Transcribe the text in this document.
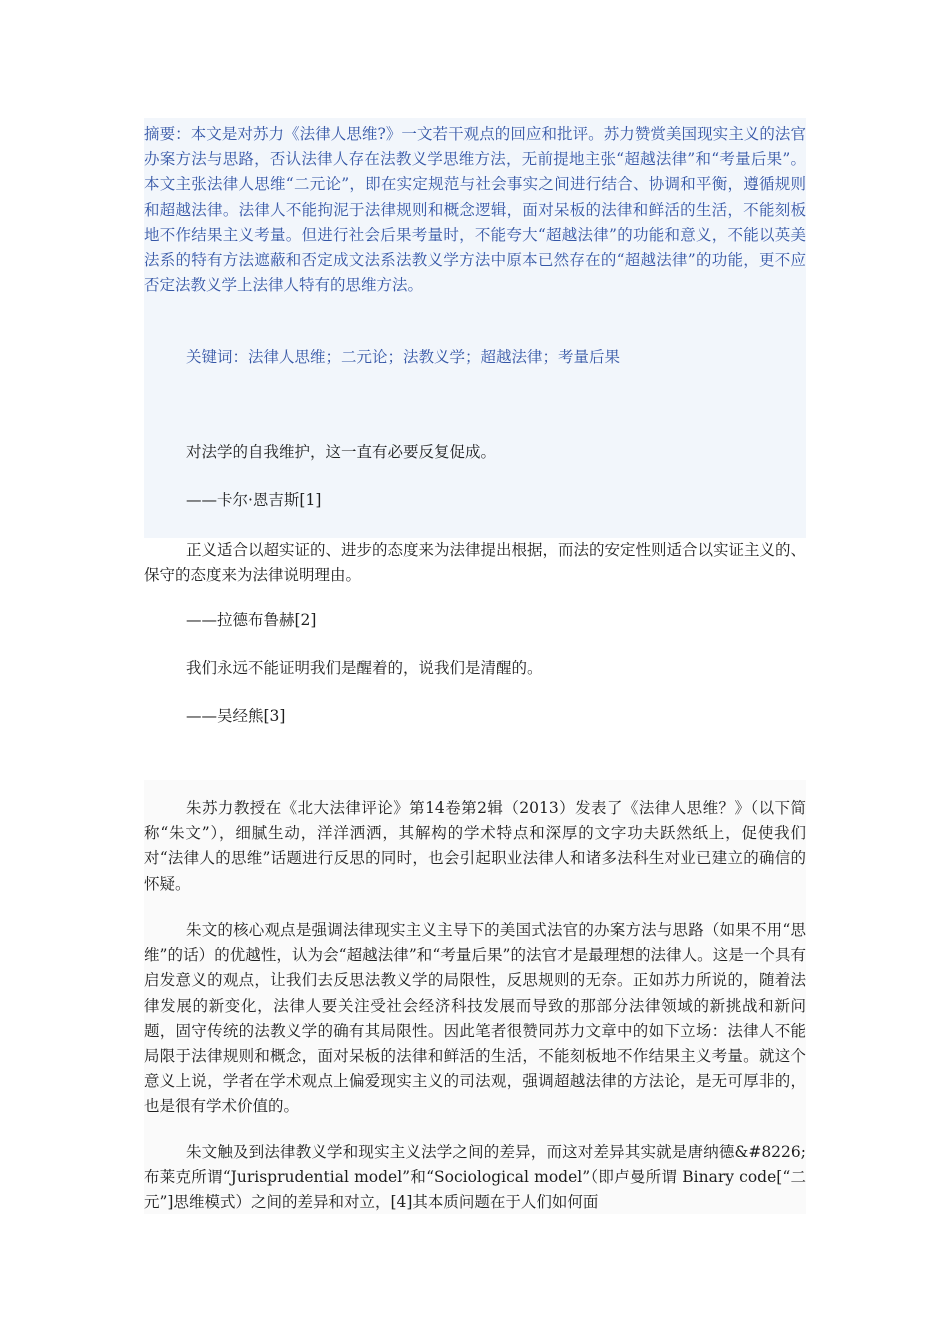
摘要：本文是对苏力《法律人思维?》一文若干观点的回应和批评。苏力赞赏美国现实主义的法官办案方法与思路，否认法律人存在法教义学思维方法，无前提地主张“超越法律”和“考量后果”。本文主张法律人思维“二元论”，即在实定规范与社会事实之间进行结合、协调和平衡，遵循规则和超越法律。法律人不能拘泥于法律规则和概念逻辑，面对呆板的法律和鲜活的生活，不能刻板地不作结果主义考量。但进行社会后果考量时，不能夸大“超越法律”的功能和意义，不能以英美法系的特有方法遮蔽和否定成文法系法教义学方法中原本已然存在的“超越法律”的功能，更不应否定法教义学上法律人特有的思维方法。

关键词：法律人思维；二元论；法教义学；超越法律；考量后果

对法学的自我维护，这一直有必要反复促成。

——卡尔·恩吉斯[1]

正义适合以超实证的、进步的态度来为法律提出根据，而法的安定性则适合以实证主义的、保守的态度来为法律说明理由。

——拉德布鲁赫[2]

我们永远不能证明我们是醒着的，说我们是清醒的。

——吴经熊[3]

朱苏力教授在《北大法律评论》第14卷第2辑（2013）发表了《法律人思维？》（以下简称“朱文”），细腻生动，洋洋洒洒，其解构的学术特点和深厚的文字功夫跃然纸上，促使我们对“法律人的思维”话题进行反思的同时，也会引起职业法律人和诸多法科生对业已建立的确信的怀疑。

朱文的核心观点是强调法律现实主义主导下的美国式法官的办案方法与思路（如果不用“思维”的话）的优越性，认为会“超越法律”和“考量后果”的法官才是最理想的法律人。这是一个具有启发意义的观点，让我们去反思法教义学的局限性，反思规则的无奈。正如苏力所说的，随着法律发展的新变化，法律人要关注受社会经济科技发展而导致的那部分法律领域的新挑战和新问题，固守传统的法教义学的确有其局限性。因此笔者很赞同苏力文章中的如下立场：法律人不能局限于法律规则和概念，面对呆板的法律和鲜活的生活，不能刻板地不作结果主义考量。就这个意义上说，学者在学术观点上偏爱现实主义的司法观，强调超越法律的方法论，是无可厚非的，也是很有学术价值的。

朱文触及到法律教义学和现实主义法学之间的差异，而这对差异其实就是唐纳德&#8226;布莱克所谓“Jurisprudential model”和“Sociological model”（即卢曼所谓 Binary code[“二元”]思维模式）之间的差异和对立，[4]其本质问题在于人们如何面
